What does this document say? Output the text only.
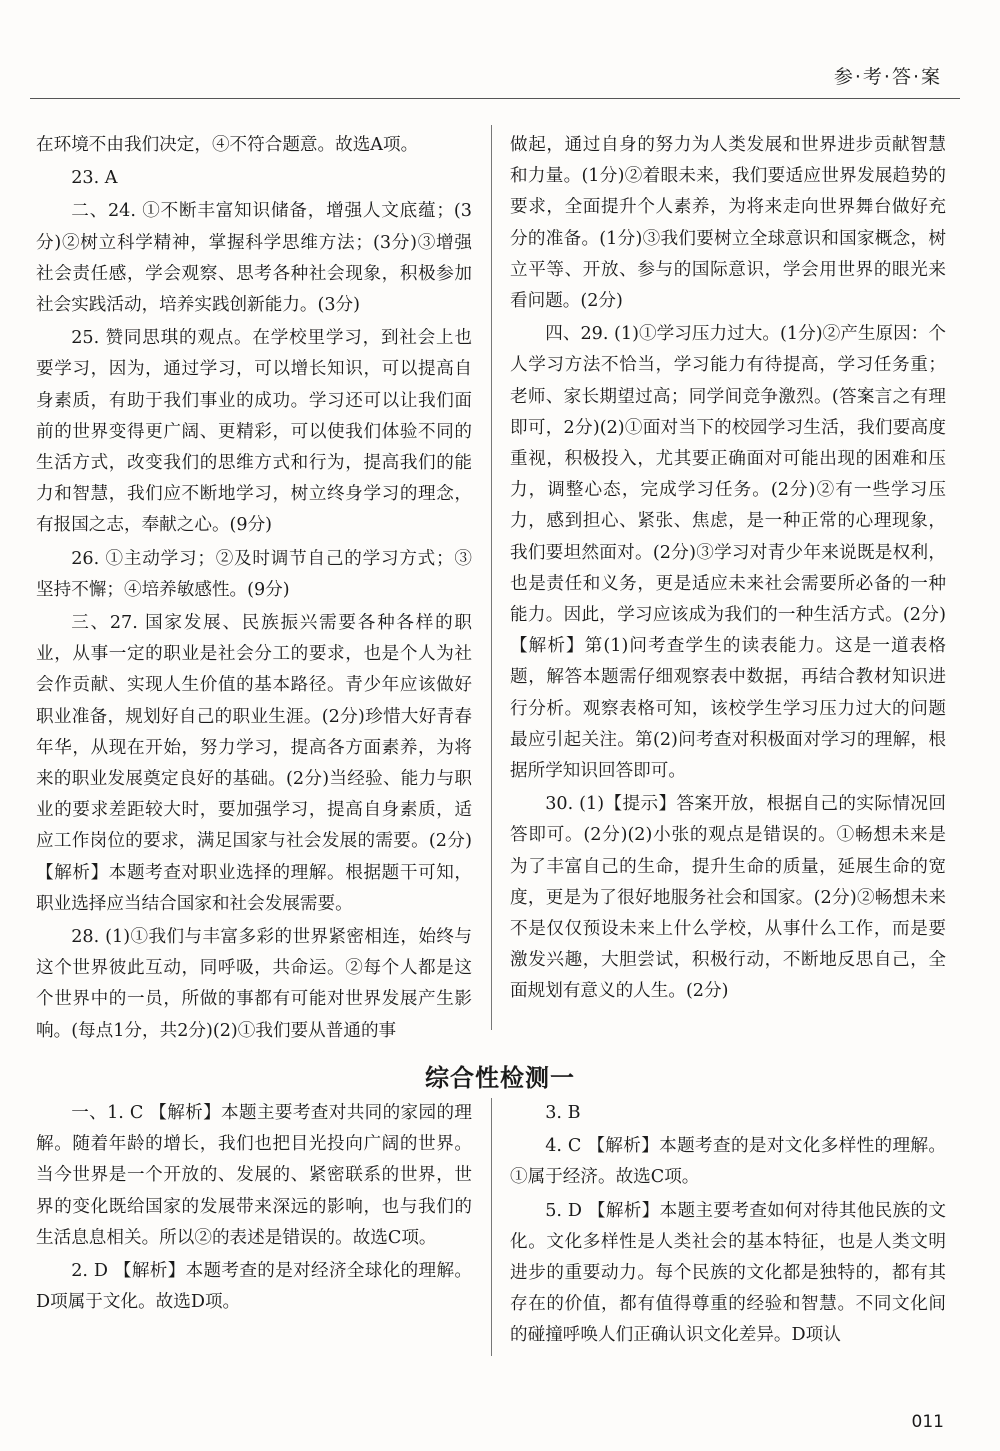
参·考·答·案

在环境不由我们决定，④不符合题意。故选A项。

23. A

二、24. ①不断丰富知识储备，增强人文底蕴；(3分)②树立科学精神，掌握科学思维方法；(3分)③增强社会责任感，学会观察、思考各种社会现象，积极参加社会实践活动，培养实践创新能力。(3分)

25. 赞同思琪的观点。在学校里学习，到社会上也要学习，因为，通过学习，可以增长知识，可以提高自身素质，有助于我们事业的成功。学习还可以让我们面前的世界变得更广阔、更精彩，可以使我们体验不同的生活方式，改变我们的思维方式和行为，提高我们的能力和智慧，我们应不断地学习，树立终身学习的理念，有报国之志，奉献之心。(9分)

26. ①主动学习；②及时调节自己的学习方式；③坚持不懈；④培养敏感性。(9分)

三、27. 国家发展、民族振兴需要各种各样的职业，从事一定的职业是社会分工的要求，也是个人为社会作贡献、实现人生价值的基本路径。青少年应该做好职业准备，规划好自己的职业生涯。(2分)珍惜大好青春年华，从现在开始，努力学习，提高各方面素养，为将来的职业发展奠定良好的基础。(2分)当经验、能力与职业的要求差距较大时，要加强学习，提高自身素质，适应工作岗位的要求，满足国家与社会发展的需要。(2分)【解析】本题考查对职业选择的理解。根据题干可知，职业选择应当结合国家和社会发展需要。

28. (1)①我们与丰富多彩的世界紧密相连，始终与这个世界彼此互动，同呼吸，共命运。②每个人都是这个世界中的一员，所做的事都有可能对世界发展产生影响。(每点1分，共2分)(2)①我们要从普通的事

做起，通过自身的努力为人类发展和世界进步贡献智慧和力量。(1分)②着眼未来，我们要适应世界发展趋势的要求，全面提升个人素养，为将来走向世界舞台做好充分的准备。(1分)③我们要树立全球意识和国家概念，树立平等、开放、参与的国际意识，学会用世界的眼光来看问题。(2分)

四、29. (1)①学习压力过大。(1分)②产生原因：个人学习方法不恰当，学习能力有待提高，学习任务重；老师、家长期望过高；同学间竞争激烈。(答案言之有理即可，2分)(2)①面对当下的校园学习生活，我们要高度重视，积极投入，尤其要正确面对可能出现的困难和压力，调整心态，完成学习任务。(2分)②有一些学习压力，感到担心、紧张、焦虑，是一种正常的心理现象，我们要坦然面对。(2分)③学习对青少年来说既是权利，也是责任和义务，更是适应未来社会需要所必备的一种能力。因此，学习应该成为我们的一种生活方式。(2分)【解析】第(1)问考查学生的读表能力。这是一道表格题，解答本题需仔细观察表中数据，再结合教材知识进行分析。观察表格可知，该校学生学习压力过大的问题最应引起关注。第(2)问考查对积极面对学习的理解，根据所学知识回答即可。

30. (1)【提示】答案开放，根据自己的实际情况回答即可。(2分)(2)小张的观点是错误的。①畅想未来是为了丰富自己的生命，提升生命的质量，延展生命的宽度，更是为了很好地服务社会和国家。(2分)②畅想未来不是仅仅预设未来上什么学校，从事什么工作，而是要激发兴趣，大胆尝试，积极行动，不断地反思自己，全面规划有意义的人生。(2分)

综合性检测一

一、1. C 【解析】本题主要考查对共同的家园的理解。随着年龄的增长，我们也把目光投向广阔的世界。当今世界是一个开放的、发展的、紧密联系的世界，世界的变化既给国家的发展带来深远的影响，也与我们的生活息息相关。所以②的表述是错误的。故选C项。

2. D 【解析】本题考查的是对经济全球化的理解。D项属于文化。故选D项。

3. B

4. C 【解析】本题考查的是对文化多样性的理解。①属于经济。故选C项。

5. D 【解析】本题主要考查如何对待其他民族的文化。文化多样性是人类社会的基本特征，也是人类文明进步的重要动力。每个民族的文化都是独特的，都有其存在的价值，都有值得尊重的经验和智慧。不同文化间的碰撞呼唤人们正确认识文化差异。D项认

011
